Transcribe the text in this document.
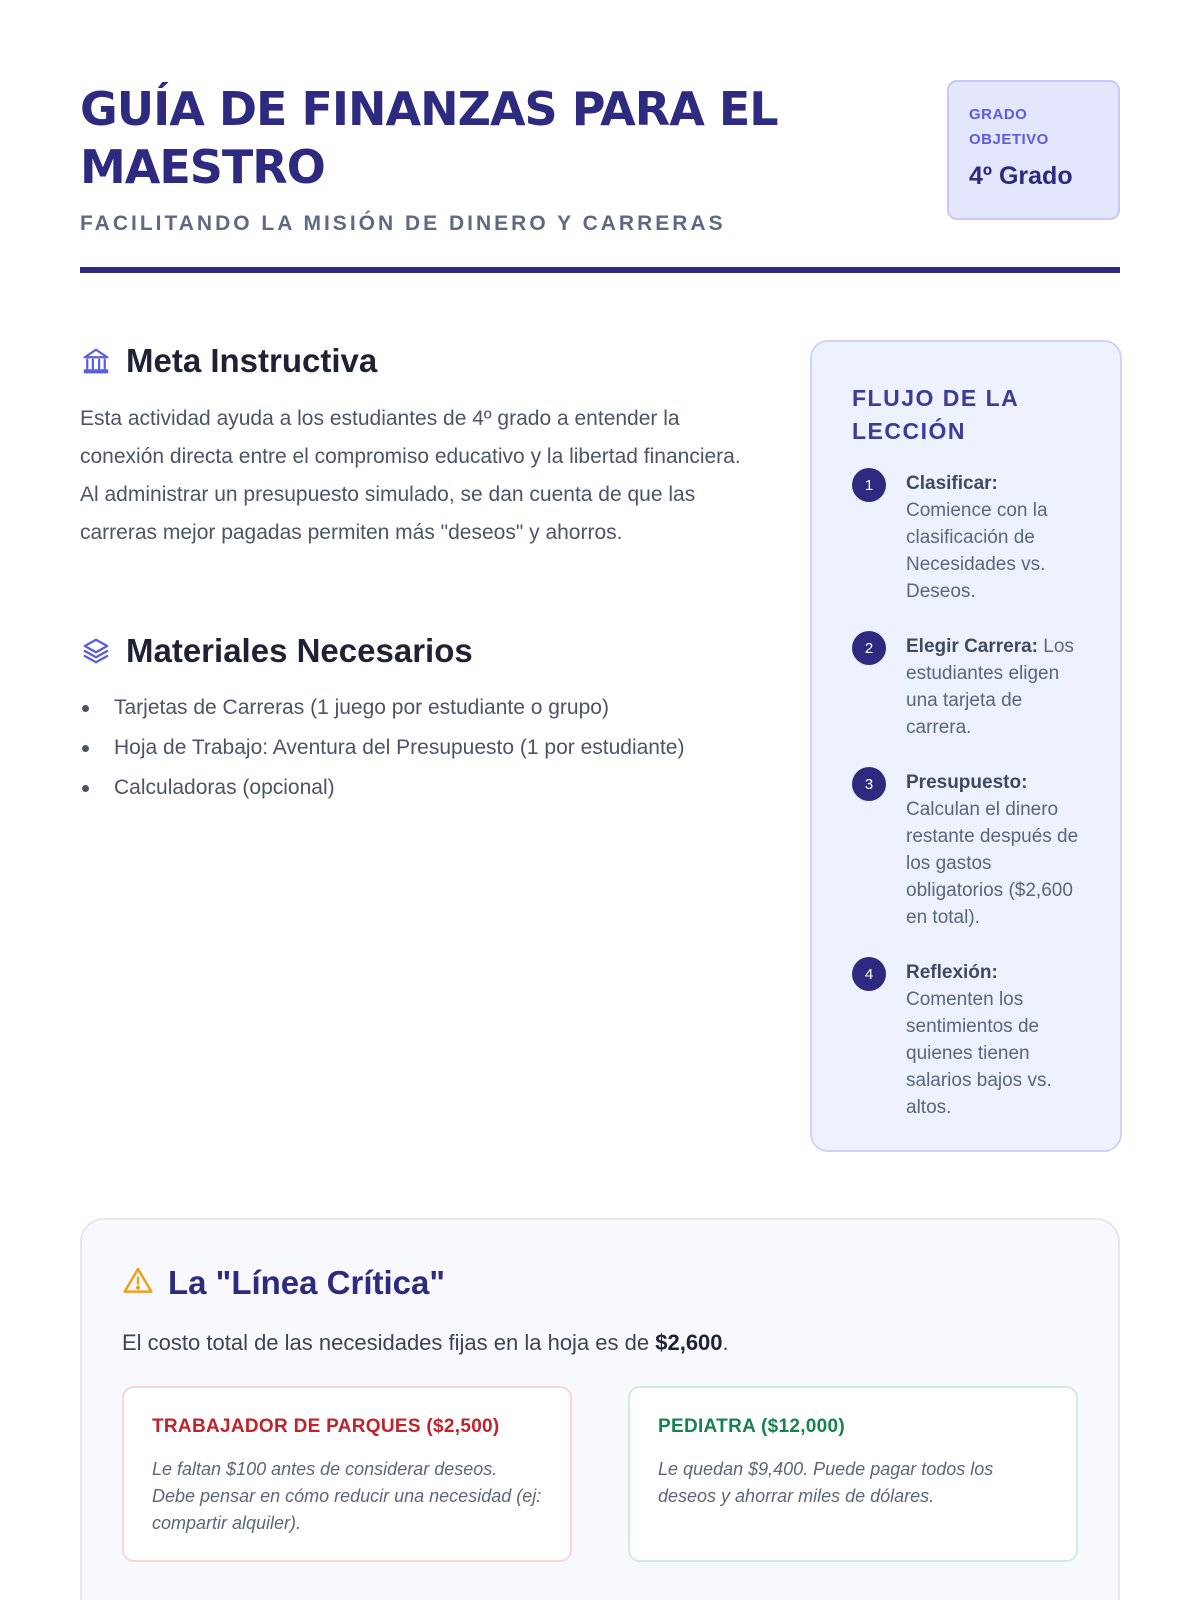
GUÍA DE FINANZAS PARA EL MAESTRO
FACILITANDO LA MISIÓN DE DINERO Y CARRERAS
GRADO OBJETIVO
4º Grado
Meta Instructiva

Esta actividad ayuda a los estudiantes de 4º grado a entender la conexión directa entre el compromiso educativo y la libertad financiera. Al administrar un presupuesto simulado, se dan cuenta de que las carreras mejor pagadas permiten más "deseos" y ahorros.

Materiales Necesarios
Tarjetas de Carreras (1 juego por estudiante o grupo)
Hoja de Trabajo: Aventura del Presupuesto (1 por estudiante)
Calculadoras (opcional)
FLUJO DE LA LECCIÓN
1	Clasificar: Comience con la clasificación de Necesidades vs. Deseos.
2	Elegir Carrera: Los estudiantes eligen una tarjeta de carrera.
3	Presupuesto: Calculan el dinero restante después de los gastos obligatorios ($2,600 en total).
4	Reflexión: Comenten los sentimientos de quienes tienen salarios bajos vs. altos.
La "Línea Crítica"

El costo total de las necesidades fijas en la hoja es de $2,600.

TRABAJADOR DE PARQUES ($2,500)
Le faltan $100 antes de considerar deseos. Debe pensar en cómo reducir una necesidad (ej: compartir alquiler).
PEDIATRA ($12,000)
Le quedan $9,400. Puede pagar todos los deseos y ahorrar miles de dólares.
